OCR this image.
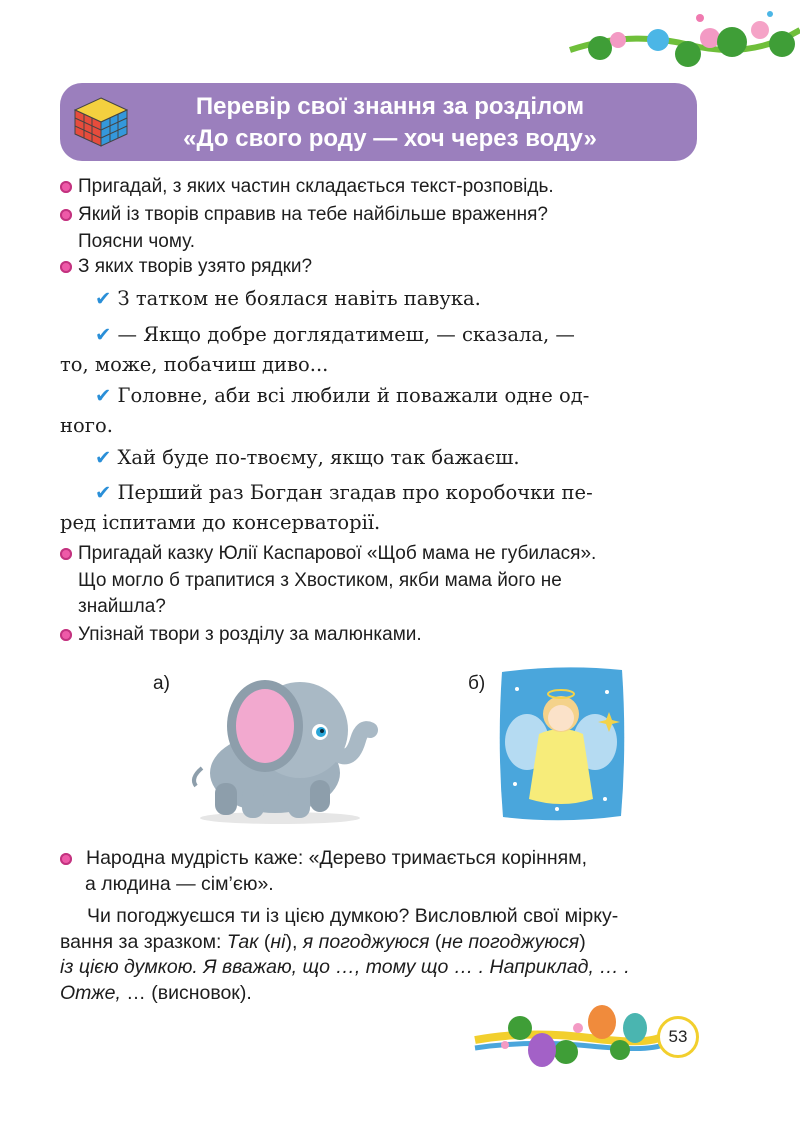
Перевір свої знання за розділом
«До свого роду — хоч через воду»
Пригадай, з яких частин складається текст-розповідь.
Який із творів справив на тебе найбільше враження?
Поясни чому.
З яких творів узято рядки?
✔ З татком не боялася навіть павука.
✔ — Якщо добре доглядатимеш, — сказала, —
то, може, побачиш диво...
✔ Головне, аби всі любили й поважали одне од-
ного.
✔ Хай буде по-твоєму, якщо так бажаєш.
✔ Перший раз Богдан згадав про коробочки пе-
ред іспитами до консерваторії.
Пригадай казку Юлії Каспарової «Щоб мама не губилася».
Що могло б трапитися з Хвостиком, якби мама його не
знайшла?
Упізнай твори з розділу за малюнками.
а)	б)
Народна мудрість каже: «Дерево тримається корінням,
а людина — сім’єю».
Чи погоджуєшся ти із цією думкою? Висловлюй свої мірку-
вання за зразком: Так (ні), я погоджуюся (не погоджуюся)
із цією думкою. Я вважаю, що …, тому що … . Наприклад, … .
Отже, … (висновок).
53
